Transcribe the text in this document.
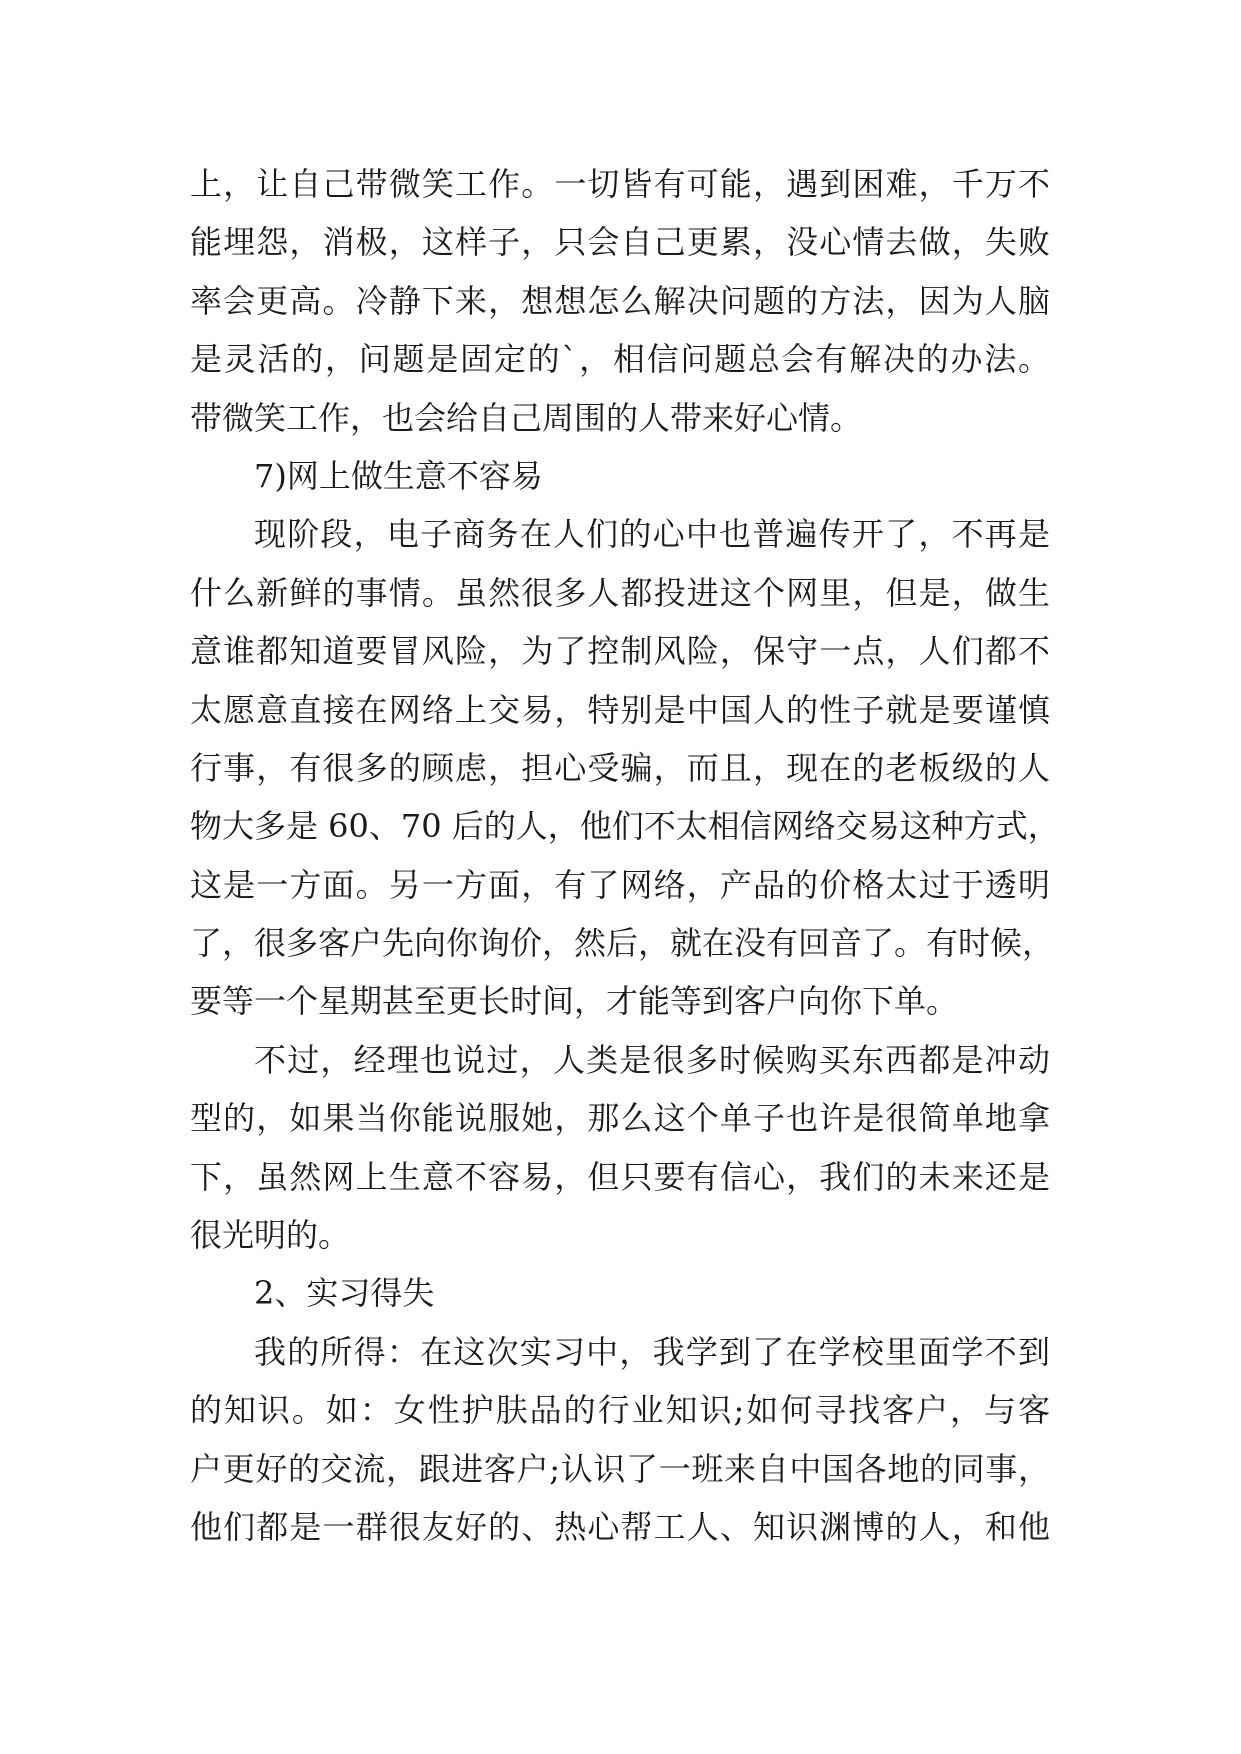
上，让自己带微笑工作。一切皆有可能，遇到困难，千万不
能埋怨，消极，这样子，只会自己更累，没心情去做，失败
率会更高。冷静下来，想想怎么解决问题的方法，因为人脑
是灵活的，问题是固定的`，相信问题总会有解决的办法。
带微笑工作，也会给自己周围的人带来好心情。
7)网上做生意不容易
现阶段，电子商务在人们的心中也普遍传开了，不再是
什么新鲜的事情。虽然很多人都投进这个网里，但是，做生
意谁都知道要冒风险，为了控制风险，保守一点，人们都不
太愿意直接在网络上交易，特别是中国人的性子就是要谨慎
行事，有很多的顾虑，担心受骗，而且，现在的老板级的人
物大多是 60、70 后的人，他们不太相信网络交易这种方式，
这是一方面。另一方面，有了网络，产品的价格太过于透明
了，很多客户先向你询价，然后，就在没有回音了。有时候，
要等一个星期甚至更长时间，才能等到客户向你下单。
不过，经理也说过，人类是很多时候购买东西都是冲动
型的，如果当你能说服她，那么这个单子也许是很简单地拿
下，虽然网上生意不容易，但只要有信心，我们的未来还是
很光明的。
2、实习得失
我的所得：在这次实习中，我学到了在学校里面学不到
的知识。如：女性护肤品的行业知识;如何寻找客户，与客
户更好的交流，跟进客户;认识了一班来自中国各地的同事，
他们都是一群很友好的、热心帮工人、知识渊博的人，和他
